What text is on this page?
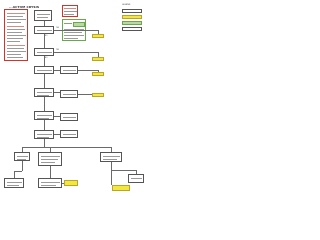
...ACTIVE CRYSIS	LEGEND
YES
NO
YES
NO
